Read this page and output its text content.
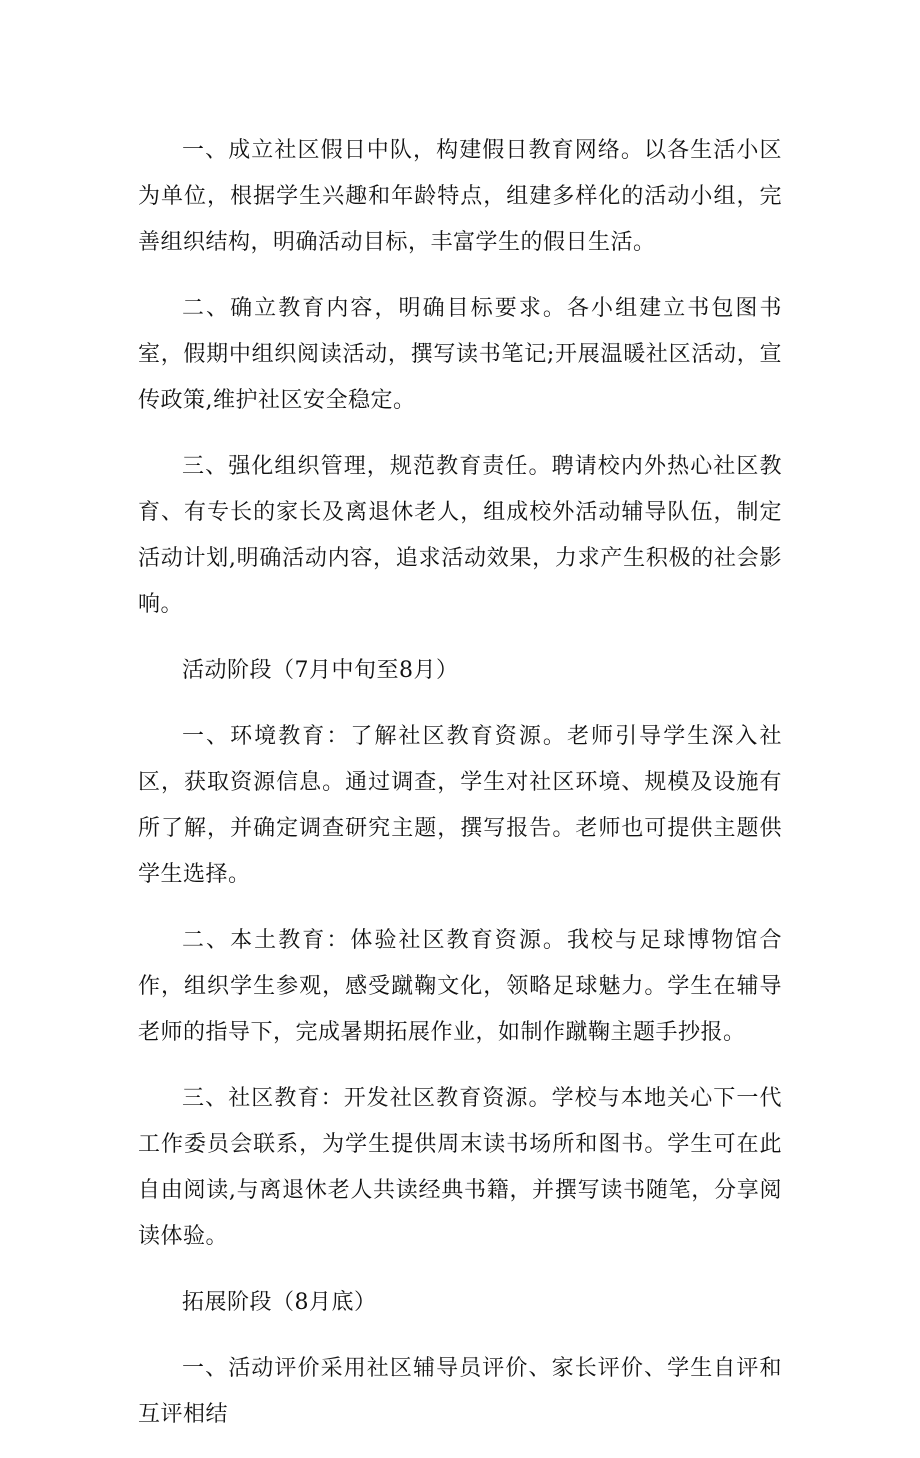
一、成立社区假日中队，构建假日教育网络。以各生活小区为单位，根据学生兴趣和年龄特点，组建多样化的活动小组，完善组织结构，明确活动目标，丰富学生的假日生活。

二、确立教育内容，明确目标要求。各小组建立书包图书室，假期中组织阅读活动，撰写读书笔记;开展温暖社区活动，宣传政策,维护社区安全稳定。

三、强化组织管理，规范教育责任。聘请校内外热心社区教育、有专长的家长及离退休老人，组成校外活动辅导队伍，制定活动计划,明确活动内容，追求活动效果，力求产生积极的社会影响。

活动阶段（7月中旬至8月）

一、环境教育：了解社区教育资源。老师引导学生深入社区，获取资源信息。通过调查，学生对社区环境、规模及设施有所了解，并确定调查研究主题，撰写报告。老师也可提供主题供学生选择。

二、本土教育：体验社区教育资源。我校与足球博物馆合作，组织学生参观，感受蹴鞠文化，领略足球魅力。学生在辅导老师的指导下，完成暑期拓展作业，如制作蹴鞠主题手抄报。

三、社区教育：开发社区教育资源。学校与本地关心下一代工作委员会联系，为学生提供周末读书场所和图书。学生可在此自由阅读,与离退休老人共读经典书籍，并撰写读书随笔，分享阅读体验。

拓展阶段（8月底）

一、活动评价采用社区辅导员评价、家长评价、学生自评和互评相结
